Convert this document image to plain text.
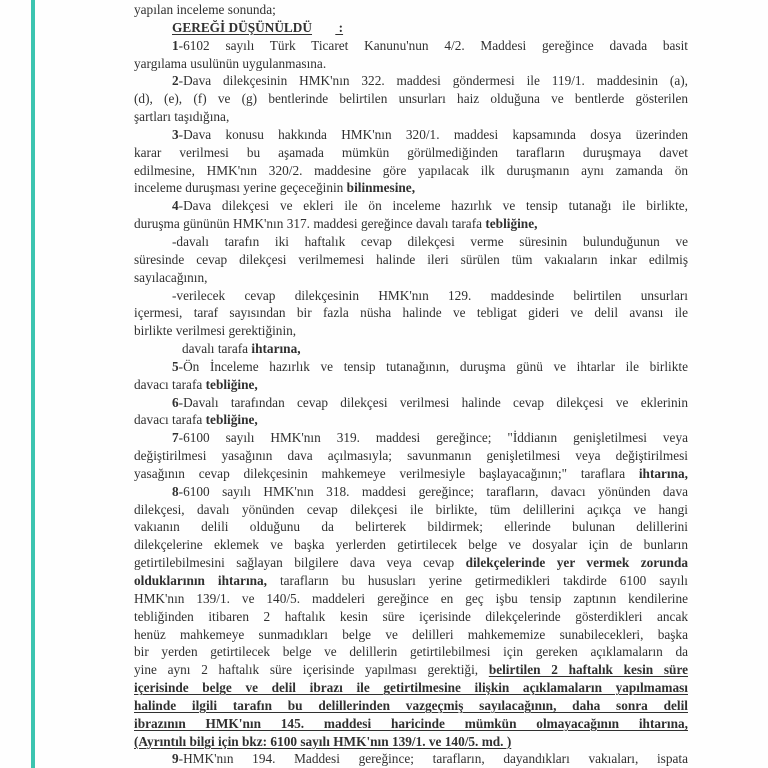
yapılan inceleme sonunda;
GEREĞİ DÜŞÜNÜLDÜ        :
1-6102 sayılı Türk Ticaret Kanunu'nun 4/2. Maddesi gereğince davada basit
yargılama usulünün uygulanmasına.
2-Dava dilekçesinin HMK'nın 322. maddesi göndermesi ile 119/1. maddesinin (a),
(d), (e), (f) ve (g) bentlerinde belirtilen unsurları haiz olduğuna ve bentlerde gösterilen
şartları taşıdığına,
3-Dava konusu hakkında HMK'nın 320/1. maddesi kapsamında dosya üzerinden
karar verilmesi bu aşamada mümkün görülmediğinden tarafların duruşmaya davet
edilmesine, HMK'nın 320/2. maddesine göre yapılacak ilk duruşmanın aynı zamanda ön
inceleme duruşması yerine geçeceğinin bilinmesine,
4-Dava dilekçesi ve ekleri ile ön inceleme hazırlık ve tensip tutanağı ile birlikte,
duruşma gününün HMK'nın 317. maddesi gereğince davalı tarafa tebliğine,
-davalı tarafın iki haftalık cevap dilekçesi verme süresinin bulunduğunun ve
süresinde cevap dilekçesi verilmemesi halinde ileri sürülen tüm vakıaların inkar edilmiş
sayılacağının,
-verilecek cevap dilekçesinin HMK'nın 129. maddesinde belirtilen unsurları
içermesi, taraf sayısından bir fazla nüsha halinde ve tebligat gideri ve delil avansı ile
birlikte verilmesi gerektiğinin,
davalı tarafa ihtarına,
5-Ön İnceleme hazırlık ve tensip tutanağının, duruşma günü ve ihtarlar ile birlikte
davacı tarafa tebliğine,
6-Davalı tarafından cevap dilekçesi verilmesi halinde cevap dilekçesi ve eklerinin
davacı tarafa tebliğine,
7-6100 sayılı HMK'nın 319. maddesi gereğince; "İddianın genişletilmesi veya
değiştirilmesi yasağının dava açılmasıyla; savunmanın genişletilmesi veya değiştirilmesi
yasağının cevap dilekçesinin mahkemeye verilmesiyle başlayacağının;" taraflara ihtarına,
8-6100 sayılı HMK'nın 318. maddesi gereğince; tarafların, davacı yönünden dava
dilekçesi, davalı yönünden cevap dilekçesi ile birlikte, tüm delillerini açıkça ve hangi
vakıanın delili olduğunu da belirterek bildirmek; ellerinde bulunan delillerini
dilekçelerine eklemek ve başka yerlerden getirtilecek belge ve dosyalar için de bunların
getirtilebilmesini sağlayan bilgilere dava veya cevap dilekçelerinde yer vermek zorunda
olduklarının ihtarına, tarafların bu hususları yerine getirmedikleri takdirde 6100 sayılı
HMK'nın 139/1. ve 140/5. maddeleri gereğince en geç işbu tensip zaptının kendilerine
tebliğinden itibaren 2 haftalık kesin süre içerisinde dilekçelerinde gösterdikleri ancak
henüz mahkemeye sunmadıkları belge ve delilleri mahkememize sunabilecekleri, başka
bir yerden getirtilecek belge ve delillerin getirtilebilmesi için gereken açıklamaların da
yine aynı 2 haftalık süre içerisinde yapılması gerektiği, belirtilen 2 haftalık kesin süre
içerisinde belge ve delil ibrazı ile getirtilmesine ilişkin açıklamaların yapılmaması
halinde ilgili tarafın bu delillerinden vazgeçmiş sayılacağının, daha sonra delil
ibrazının HMK'nın 145. maddesi haricinde mümkün olmayacağının ihtarına,
(Ayrıntılı bilgi için bkz: 6100 sayılı HMK'nın 139/1. ve 140/5. md. )
9-HMK'nın 194. Maddesi gereğince; tarafların, dayandıkları vakıaları, ispata
